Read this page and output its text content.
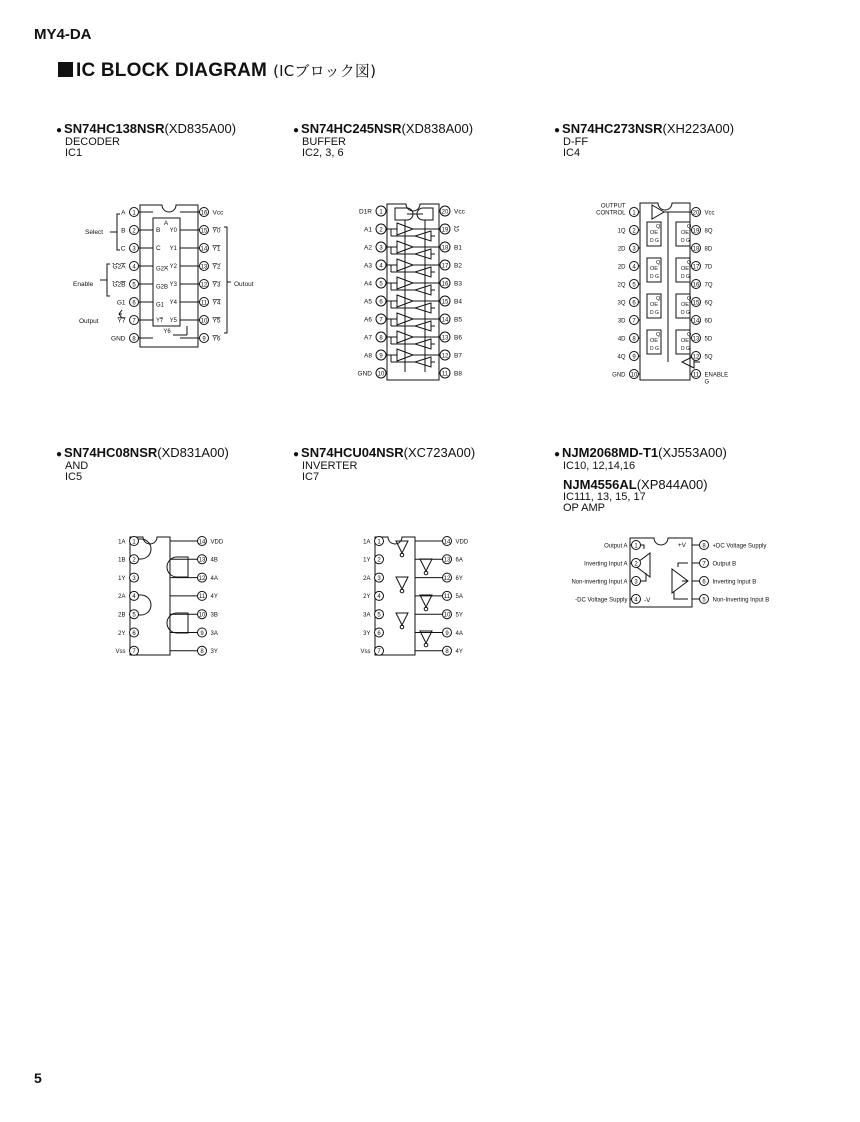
MY4-DA
IC BLOCK DIAGRAM (ICブロック図)
● SN74HC138NSR(XD835A00)
DECODER
IC1
● SN74HC245NSR(XD838A00)
BUFFER
IC2, 3, 6
● SN74HC273NSR(XH223A00)
D-FF
IC4
● SN74HC08NSR(XD831A00)
AND
IC5
● SN74HCU04NSR(XC723A00)
INVERTER
IC7
● NJM2068MD-T1(XJ553A00)
IC10, 12,14,16
NJM4556AL(XP844A00)
IC111, 13, 15, 17
OP AMP
Select
Enable
Output
Outout
1
A
2
B
3
C
4
G2A
5
G2B
6
G1
7
Y7
8
GND
16 Vcc
15 Y0
14 Y1
13 Y2
12 Y3
11 Y4
10 Y5
9 Y6
A
B
C
G2A
G2B
G1
Y7
Y0
Y1
Y2
Y3
Y4
Y5
Y6
1
D1R
2
A1
3
A2
4
A3
5
A4
6
A5
7
A6
8
A7
9
A8
10
GND
20 Vcc
19 G
18 B1
17 B2
16 B3
15 B4
14 B5
13 B6
12 B7
11 B8
OE
D G
OE
D G
OE
D G
OE
D G
OE
D G
OE
D G
OE
D G
OE
D G
Q	Q
Q	Q
Q	Q
Q	Q
1
OUTPUT
CONTROL
2
1Q
3
2D
4
2D
5
2Q
6
3Q
7
3D
8
4D
9
4Q
10
GND
20 Vcc
19 8Q
18 8D
17 7D
16 7Q
15 6Q
14 6D
13 5D
12 5Q
11 ENABLE
G
1
1A
2
1B
3
1Y
4
2A
5
2B
6
2Y
7
Vss
14 VDD
13 4B
12 4A
11 4Y
10 3B
9 3A
8 3Y
1
1A
2
1Y
3
2A
4
2Y
5
3A
6
3Y
7
Vss
14 VDD
13 6A
12 6Y
11 5A
10 5Y
9 4A
8 4Y
+V
-V
1
Output A
2
Inverting Input A
3
Non-inverting Input A
4
-DC Voltage Supply
8 +DC Voltage Supply
7 Output B
6 Inverting Input B
5 Non-Inverting Input B
5
